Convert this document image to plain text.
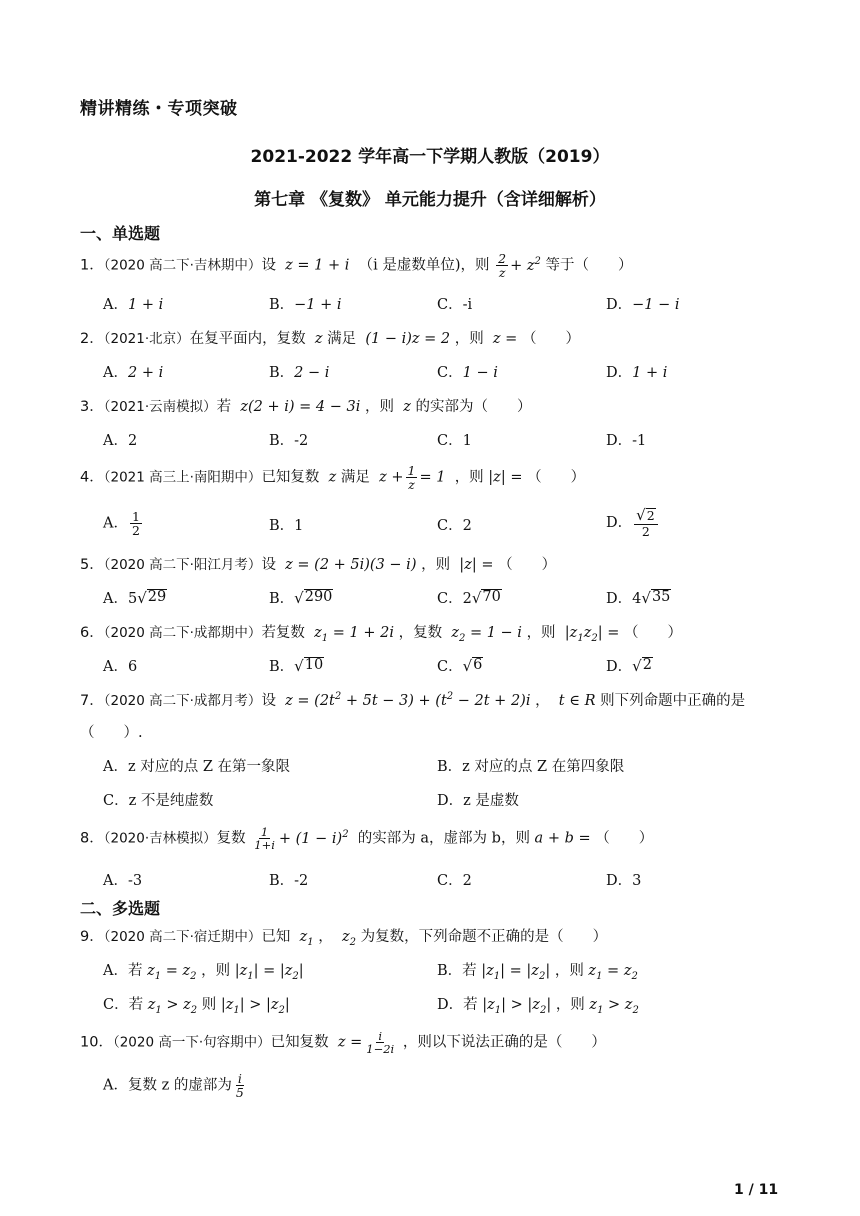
精讲精练・专项突破
2021-2022 学年高一下学期人教版（2019）
第七章 《复数》 单元能力提升（含详细解析）
一、单选题
1．（2020 高二下·吉林期中）设  z = 1 + i  （i 是虚数单位)，则 $\frac{2}{z} + z^2$ 等于（　　）
A．1 + i	B．−1 + i	C．-i	D．−1 − i
2．（2021·北京）在复平面内，复数  z 满足  (1 − i)z = 2 ，则  z = （　　）
A．2 + i	B．2 − i	C．1 − i	D．1 + i
3．（2021·云南模拟）若  z(2 + i) = 4 − 3i ，则  z 的实部为（　　）
A．2	B．-2	C．1	D．-1
4．（2021 高三上·南阳期中）已知复数  z 满足  $z + \frac{1}{z} = 1$  ，则 |z| = （　　）
A． $\frac{1}{2}$	B．1	C．2	D． $\frac{√ 2}{2}$
5．（2020 高二下·阳江月考）设  z = (2 + 5i)(3 − i) ，则  |z| = （　　）
A．5 √ 29	B． √ 290	C．2 √ 70	D．4 √ 35
6．（2020 高二下·成都期中）若复数  $z_1 = 1 + 2i$ ，复数  $z_2 = 1 - i$ ，则  $|z_1z_2|$ = （　　）
A．6	B． √ 10	C． √ 6	D． √ 2
7．（2020 高二下·成都月考）设  $z = (2t^2 + 5t - 3) + (t^2 - 2t + 2)i$ ，  t ∈ R 则下列命题中正确的是
（　　）.
A．z 对应的点 Z 在第一象限	B．z 对应的点 Z 在第四象限
C．z 不是纯虚数	D．z 是虚数
8．（2020·吉林模拟）复数 $\frac{1}{1+i} + (1 - i)^2$ 的实部为 a，虚部为 b，则 a + b = （　　）
A．-3	B．-2	C．2	D．3
二、多选题
9．（2020 高二下·宿迁期中）已知  $z_1$ ，  $z_2$ 为复数，下列命题不正确的是（　　）
A．若 $z_1 = z_2$ ，则 $|z_1| = |z_2|$	B．若 $|z_1| = |z_2|$ ，则 $z_1 = z_2$
C．若 $z_1 > z_2$ 则 $|z_1| > |z_2|$	D．若 $|z_1| > |z_2|$ ，则 $z_1 > z_2$
10．（2020 高一下·句容期中）已知复数  $z = \frac{i}{1-2i}$ ，则以下说法正确的是（　　）
A．复数 z 的虚部为 $\frac{i}{5}$
1 / 11
